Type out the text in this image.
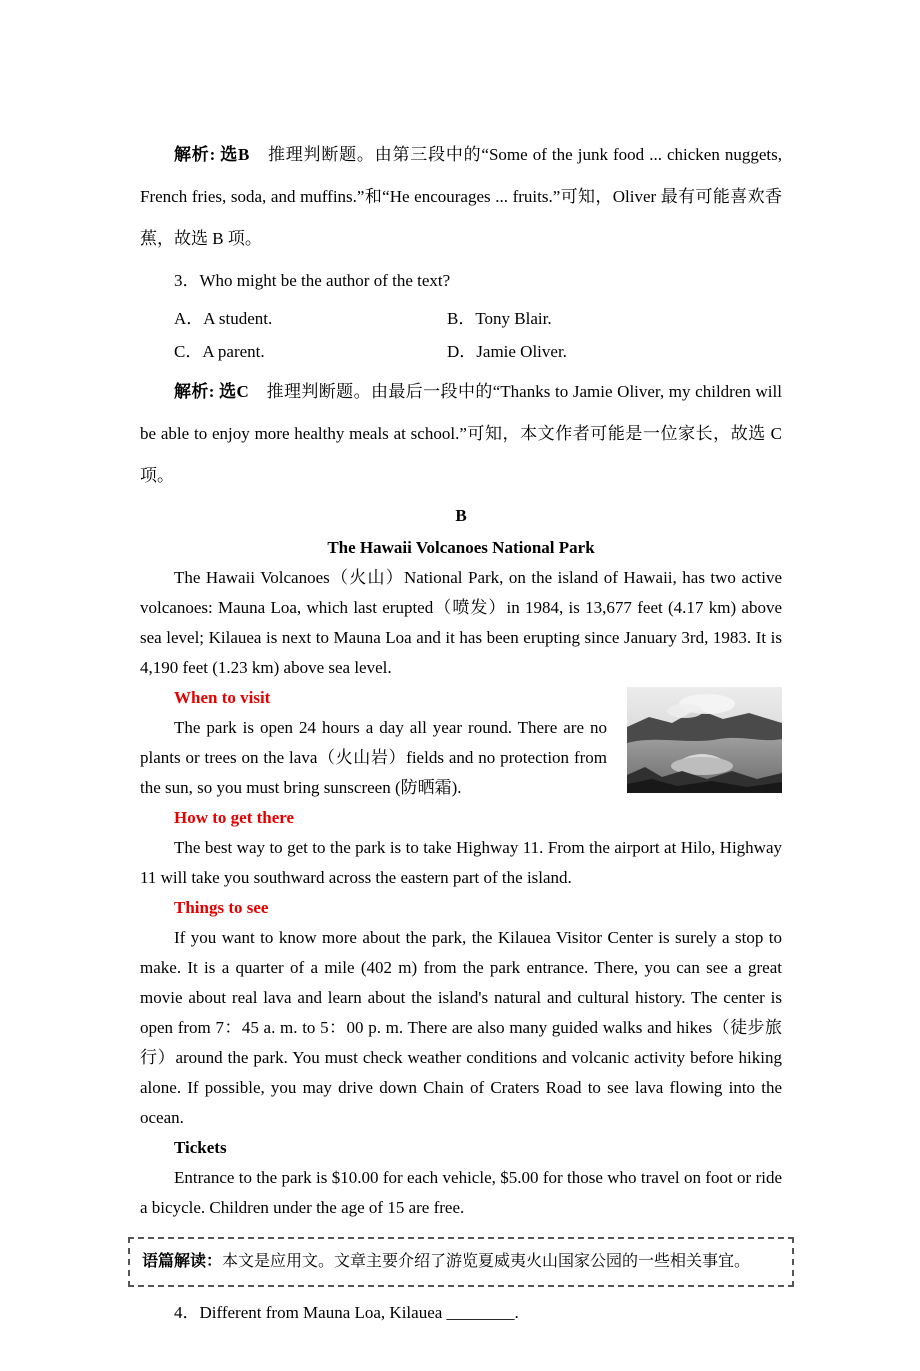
解析: 选B　推理判断题。由第三段中的“Some of the junk food ... chicken nuggets, French fries, soda, and muffins.”和“He encourages ... fruits.”可知，Oliver 最有可能喜欢香蕉，故选 B 项。

3．Who might be the author of the text?

A．A student.	B．Tony Blair.
C．A parent.	D．Jamie Oliver.

解析: 选C　推理判断题。由最后一段中的“Thanks to Jamie Oliver, my children will be able to enjoy more healthy meals at school.”可知，本文作者可能是一位家长，故选 C 项。

B
The Hawaii Volcanoes National Park

The Hawaii Volcanoes（火山）National Park, on the island of Hawaii, has two active volcanoes: Mauna Loa, which last erupted（喷发）in 1984, is 13,677 feet (4.17 km) above sea level; Kilauea is next to Mauna Loa and it has been erupting since January 3rd, 1983. It is 4,190 feet (1.23 km) above sea level.

When to visit

The park is open 24 hours a day all year round. There are no plants or trees on the lava（火山岩）fields and no protection from the sun, so you must bring sunscreen (防晒霜).

How to get there

The best way to get to the park is to take Highway 11. From the airport at Hilo, Highway 11 will take you southward across the eastern part of the island.

Things to see

If you want to know more about the park, the Kilauea Visitor Center is surely a stop to make. It is a quarter of a mile (402 m) from the park entrance. There, you can see a great movie about real lava and learn about the island's natural and cultural history. The center is open from 7：45 a. m. to 5：00 p. m. There are also many guided walks and hikes（徒步旅行）around the park. You must check weather conditions and volcanic activity before hiking alone. If possible, you may drive down Chain of Craters Road to see lava flowing into the ocean.

Tickets

Entrance to the park is $10.00 for each vehicle, $5.00 for those who travel on foot or ride a bicycle. Children under the age of 15 are free.

语篇解读：本文是应用文。文章主要介绍了游览夏威夷火山国家公园的一些相关事宜。

4．Different from Mauna Loa, Kilauea ________.
